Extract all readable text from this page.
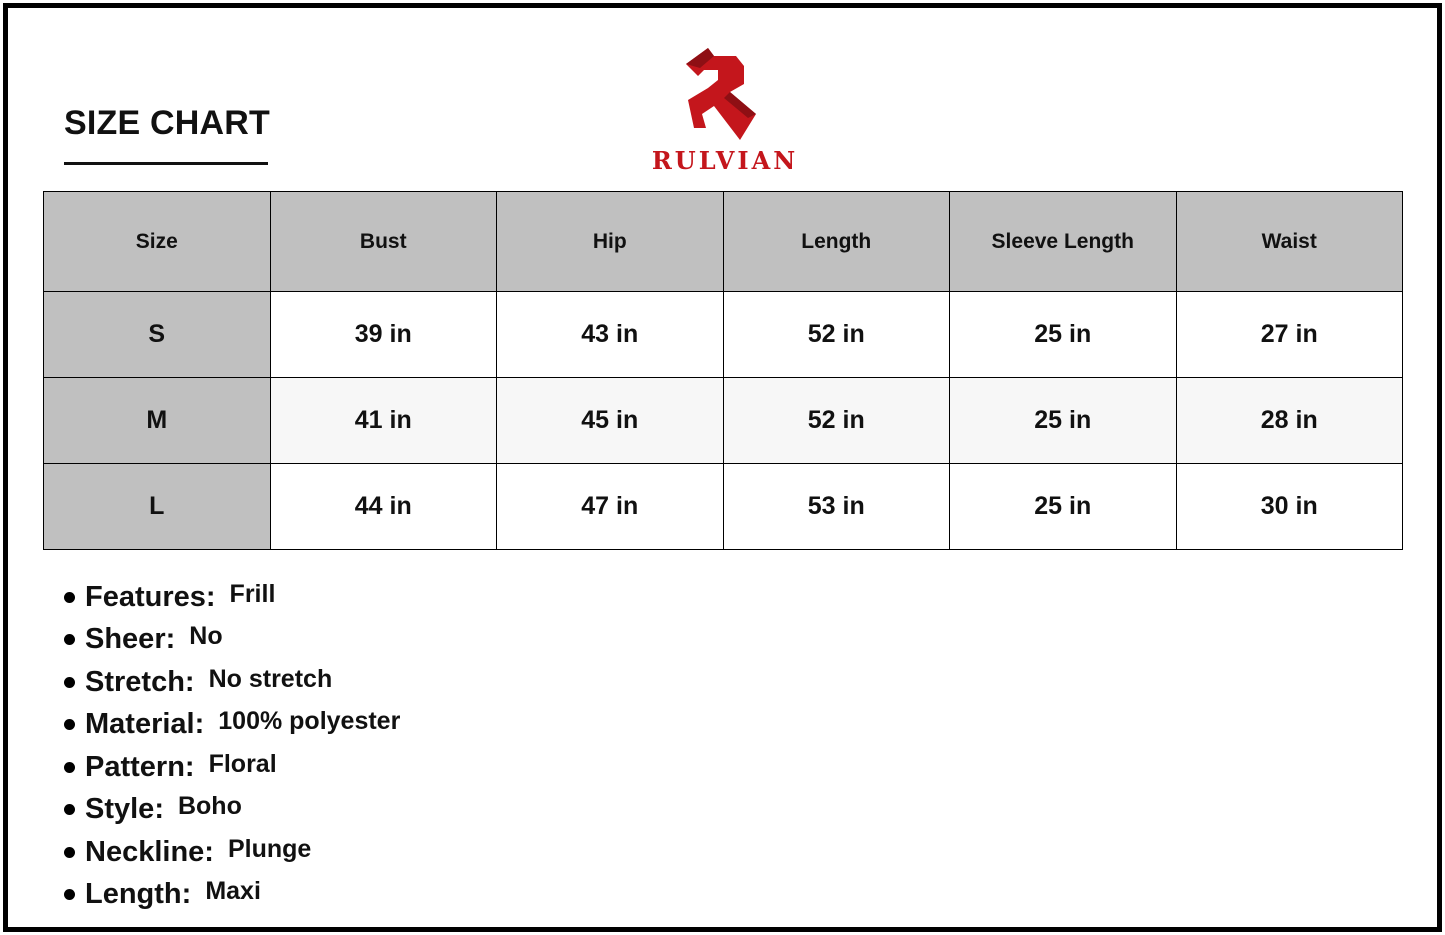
SIZE CHART
RULVIAN
Size	Bust	Hip	Length	Sleeve Length	Waist
S	39 in	43 in	52 in	25 in	27 in
M	41 in	45 in	52 in	25 in	28 in
L	44 in	47 in	53 in	25 in	30 in
Features: Frill
Sheer: No
Stretch: No stretch
Material: 100% polyester
Pattern: Floral
Style: Boho
Neckline: Plunge
Length: Maxi
